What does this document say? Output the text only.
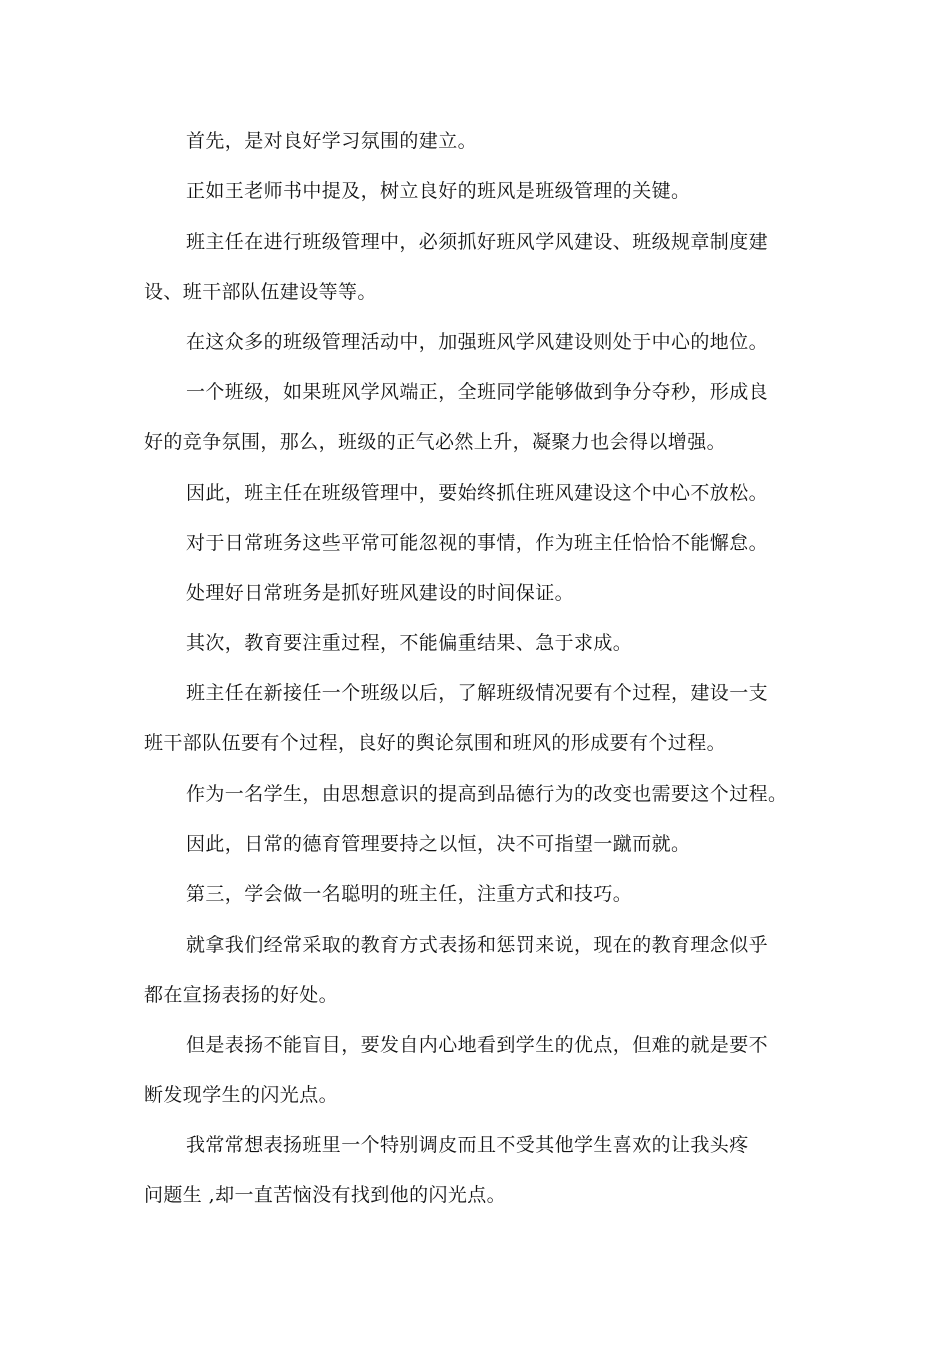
首先，是对良好学习氛围的建立。
正如王老师书中提及，树立良好的班风是班级管理的关键。
班主任在进行班级管理中，必须抓好班风学风建设、班级规章制度建
设、班干部队伍建设等等。
在这众多的班级管理活动中，加强班风学风建设则处于中心的地位。
一个班级，如果班风学风端正，全班同学能够做到争分夺秒，形成良
好的竞争氛围，那么，班级的正气必然上升，凝聚力也会得以增强。
因此，班主任在班级管理中，要始终抓住班风建设这个中心不放松。
对于日常班务这些平常可能忽视的事情，作为班主任恰恰不能懈怠。
处理好日常班务是抓好班风建设的时间保证。
其次，教育要注重过程，不能偏重结果、急于求成。
班主任在新接任一个班级以后，了解班级情况要有个过程，建设一支
班干部队伍要有个过程，良好的舆论氛围和班风的形成要有个过程。
作为一名学生，由思想意识的提高到品德行为的改变也需要这个过程。
因此，日常的德育管理要持之以恒，决不可指望一蹴而就。
第三，学会做一名聪明的班主任，注重方式和技巧。
就拿我们经常采取的教育方式表扬和惩罚来说，现在的教育理念似乎
都在宣扬表扬的好处。
但是表扬不能盲目，要发自内心地看到学生的优点，但难的就是要不
断发现学生的闪光点。
我常常想表扬班里一个特别调皮而且不受其他学生喜欢的让我头疼
问题生 ,却一直苦恼没有找到他的闪光点。
